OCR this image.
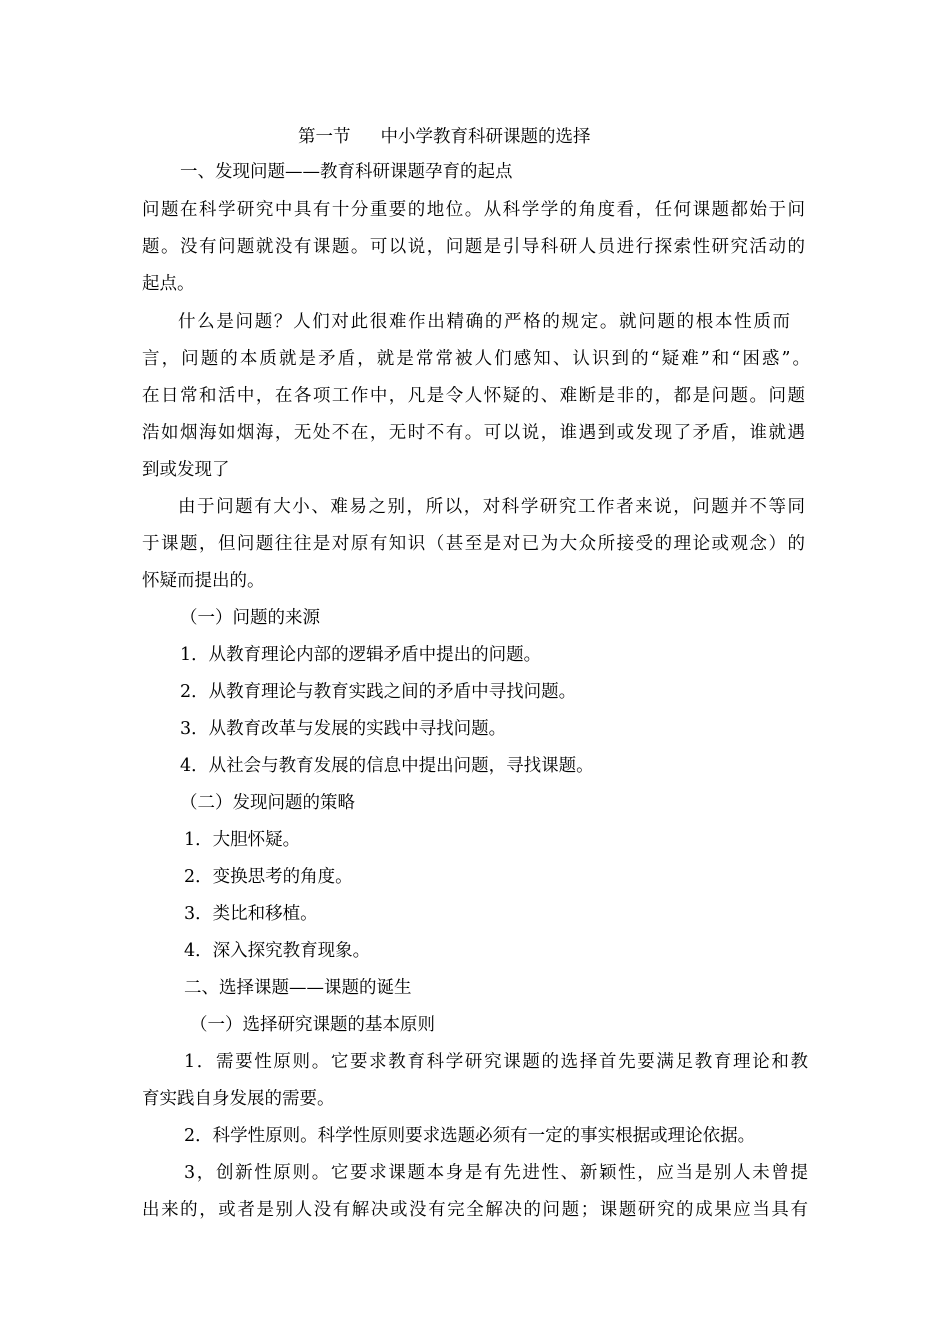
第一节 中小学教育科研课题的选择
一、发现问题——教育科研课题孕育的起点
问题在科学研究中具有十分重要的地位。从科学学的角度看，任何课题都始于问
题。没有问题就没有课题。可以说，问题是引导科研人员进行探索性研究活动的
起点。
什么是问题？人们对此很难作出精确的严格的规定。就问题的根本性质而
言，问题的本质就是矛盾，就是常常被人们感知、认识到的“疑难”和“困惑”。
在日常和活中，在各项工作中，凡是令人怀疑的、难断是非的，都是问题。问题
浩如烟海如烟海，无处不在，无时不有。可以说，谁遇到或发现了矛盾，谁就遇
到或发现了
由于问题有大小、难易之别，所以，对科学研究工作者来说，问题并不等同
于课题，但问题往往是对原有知识（甚至是对已为大众所接受的理论或观念）的
怀疑而提出的。
（一）问题的来源
1．从教育理论内部的逻辑矛盾中提出的问题。
2．从教育理论与教育实践之间的矛盾中寻找问题。
3．从教育改革与发展的实践中寻找问题。
4．从社会与教育发展的信息中提出问题，寻找课题。
（二）发现问题的策略
1．大胆怀疑。
2．变换思考的角度。
3．类比和移植。
4．深入探究教育现象。
二、选择课题——课题的诞生
（一）选择研究课题的基本原则
1．需要性原则。它要求教育科学研究课题的选择首先要满足教育理论和教
育实践自身发展的需要。
2．科学性原则。科学性原则要求选题必须有一定的事实根据或理论依据。
3，创新性原则。它要求课题本身是有先进性、新颖性，应当是别人未曾提
出来的，或者是别人没有解决或没有完全解决的问题；课题研究的成果应当具有
